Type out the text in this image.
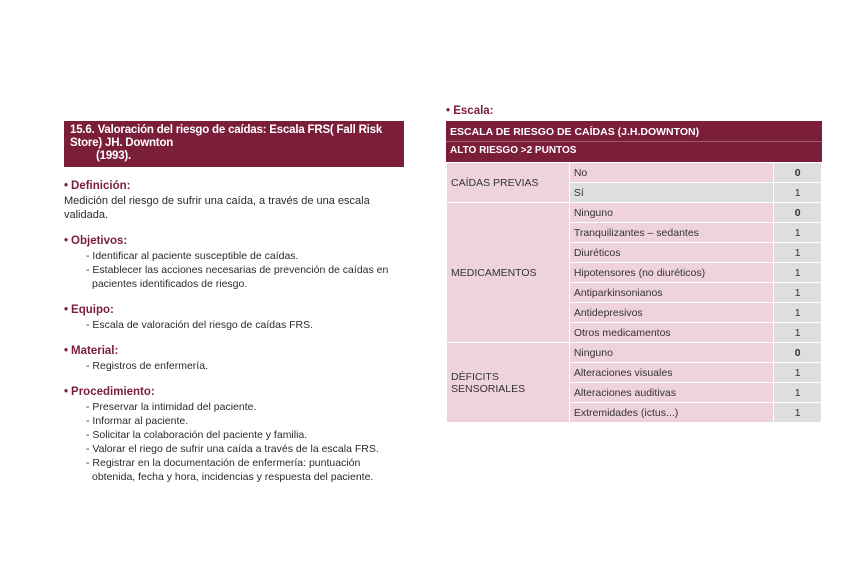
15.6. Valoración del riesgo de caídas: Escala FRS( Fall Risk Store) JH. Downton
(1993).
• Definición:
Medición del riesgo de sufrir una caída, a través de una escala validada.
• Objetivos:
- Identificar al paciente susceptible de caídas.
- Establecer las acciones necesarias de prevención de caídas en pacientes identificados de riesgo.
• Equipo:
- Escala de valoración del riesgo de caídas FRS.
• Material:
- Registros de enfermería.
• Procedimiento:
- Preservar la intimidad del paciente.
- Informar al paciente.
- Solicitar la colaboración del paciente y familia.
- Valorar el riego de sufrir una caída a través de la escala FRS.
- Registrar en la documentación de enfermería: puntuación obtenida, fecha y hora, incidencias y respuesta del paciente.
• Escala:
ESCALA DE RIESGO DE CAÍDAS (J.H.DOWNTON)
ALTO RIESGO >2 PUNTOS
CAÍDAS PREVIAS	No	0
	Sí	1
MEDICAMENTOS	Ninguno	0
	Tranquilizantes – sedantes	1
	Diuréticos	1
	Hipotensores (no diuréticos)	1
	Antiparkinsonianos	1
	Antidepresivos	1
	Otros medicamentos	1
DÉFICITS SENSORIALES	Ninguno	0
	Alteraciones visuales	1
	Alteraciones auditivas	1
	Extremidades (ictus...)	1
